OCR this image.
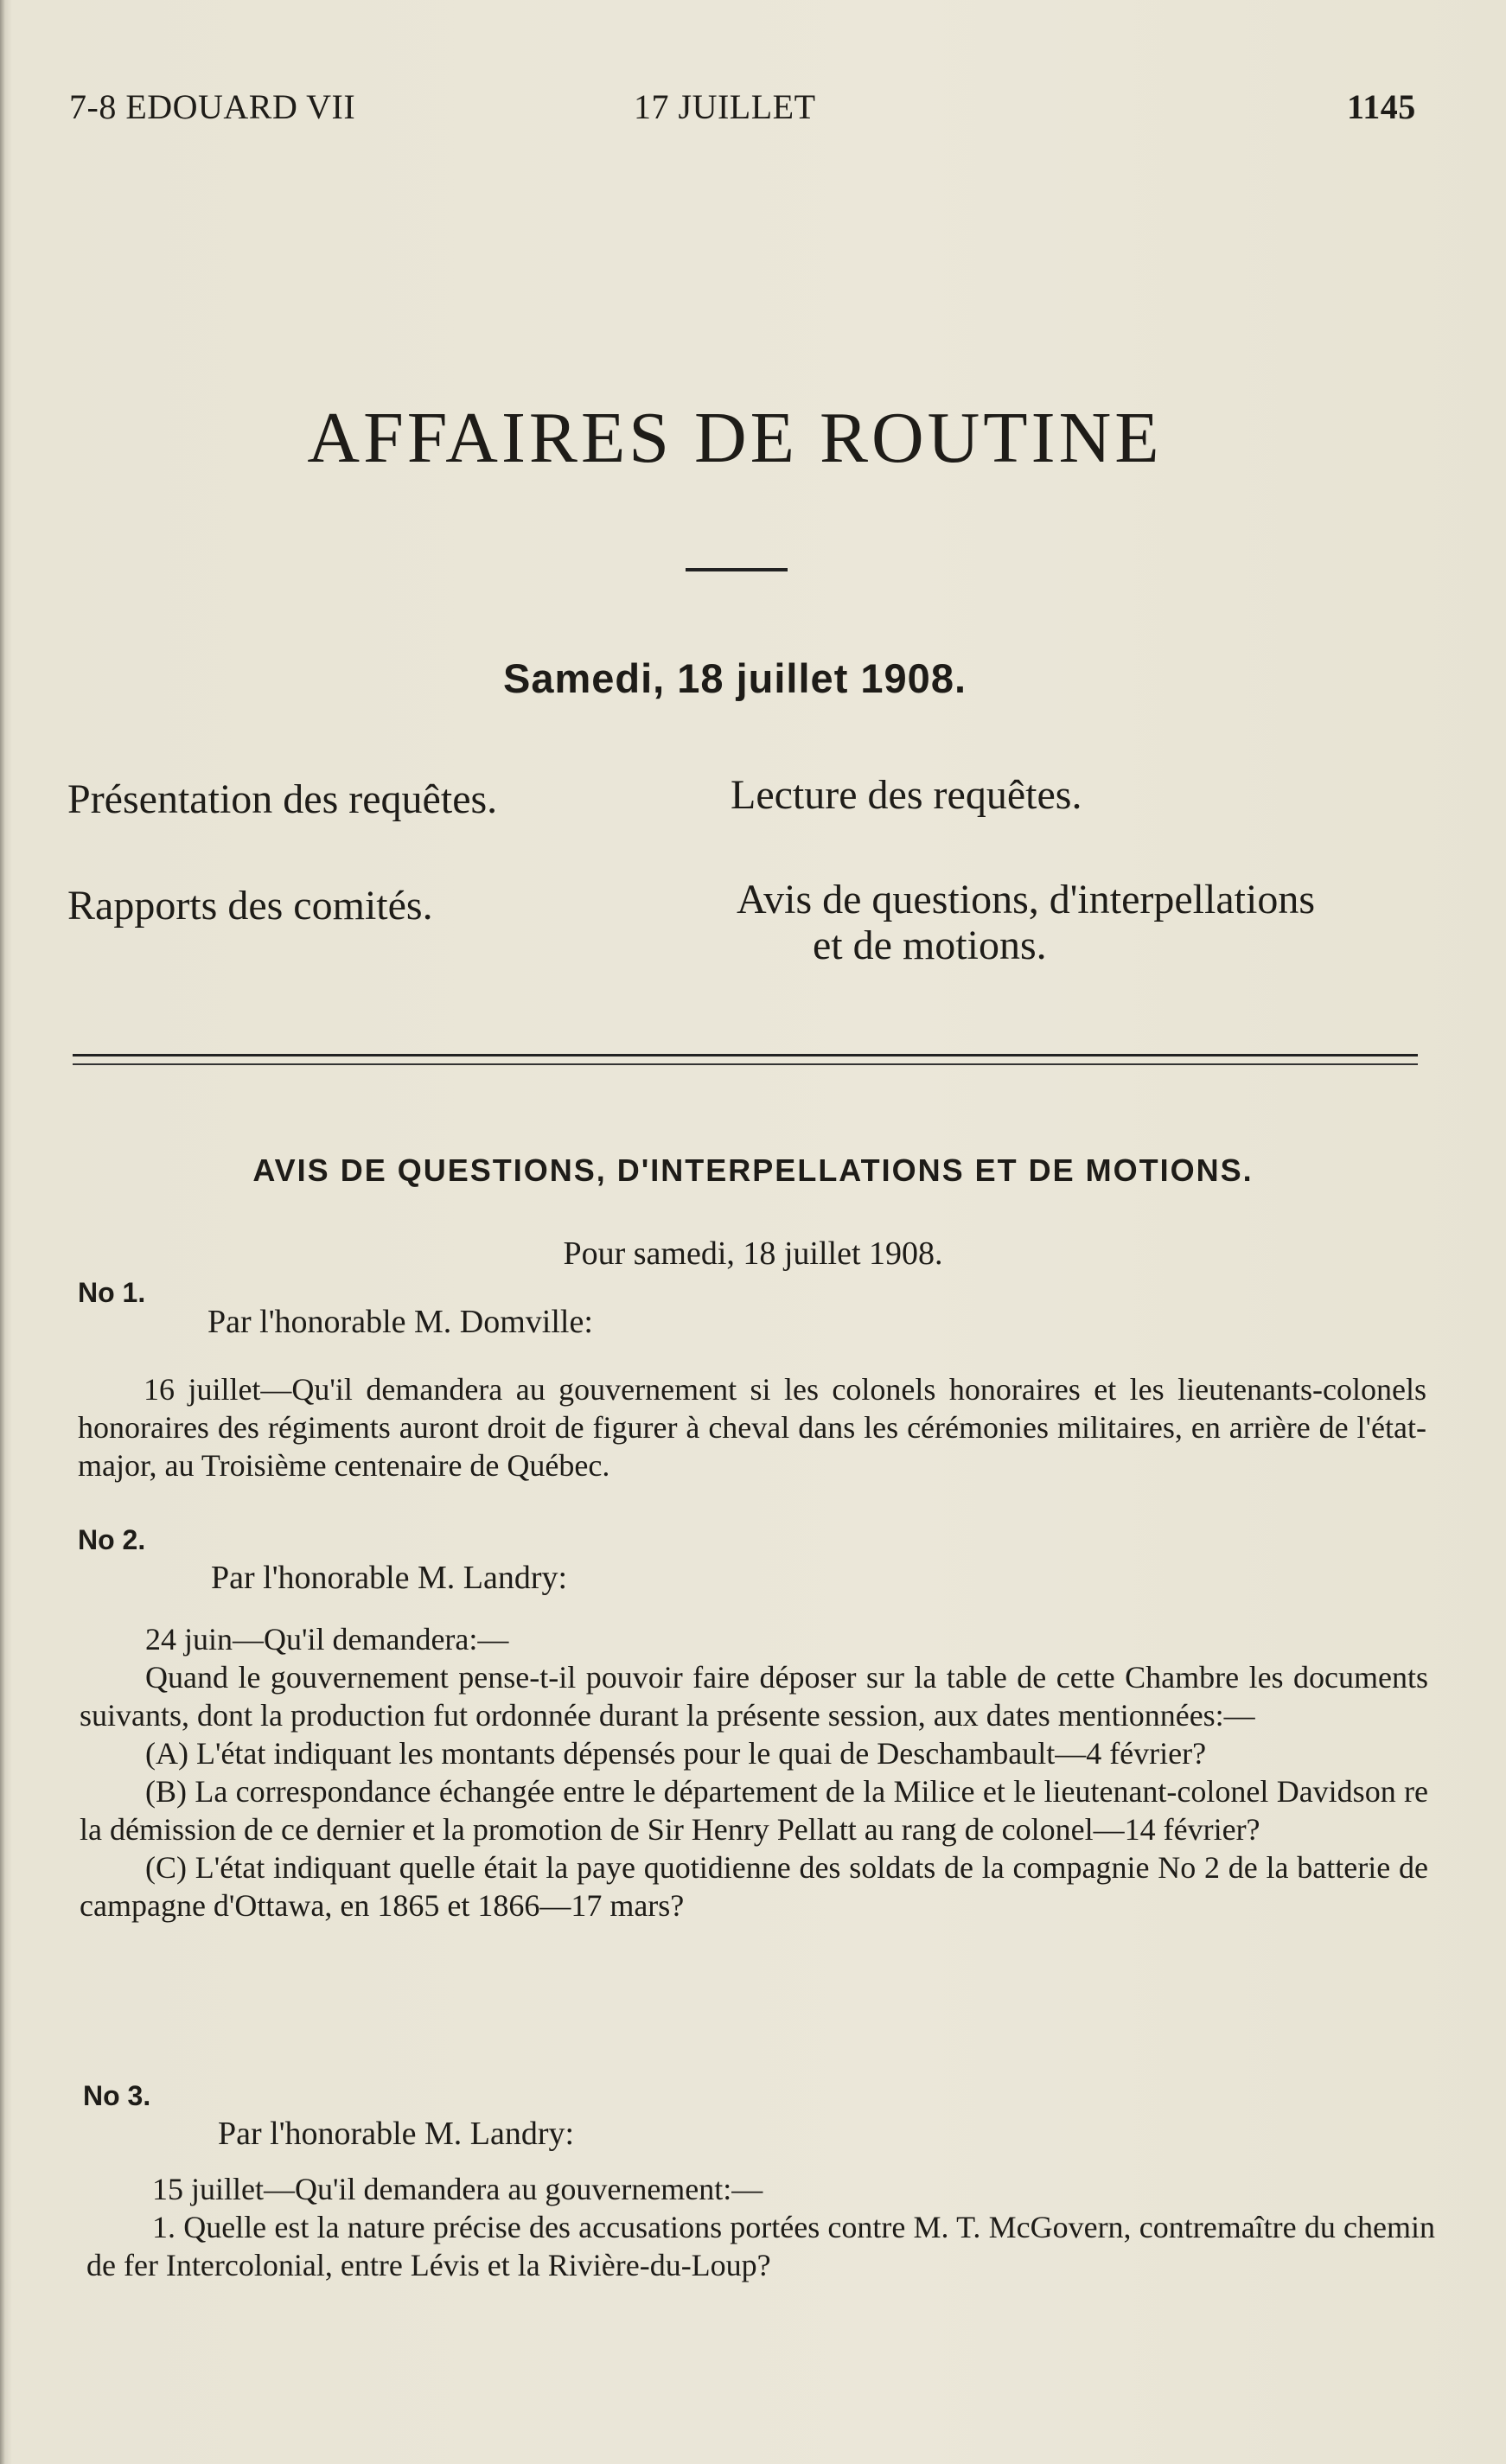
7-8 EDOUARD VII	17 JUILLET	1145
AFFAIRES DE ROUTINE
Samedi, 18 juillet 1908.
Présentation des requêtes.	Lecture des requêtes.
Rapports des comités.	Avis de questions, d'interpellations
et de motions.
AVIS DE QUESTIONS, D'INTERPELLATIONS ET DE MOTIONS.
Pour samedi, 18 juillet 1908.
No 1.
Par l'honorable M. Domville:

16 juillet—Qu'il demandera au gouvernement si les colonels honoraires et les lieutenants-colonels honoraires des régiments auront droit de figurer à cheval dans les cérémonies militaires, en arrière de l'état-major, au Troisième centenaire de Québec.

No 2.
Par l'honorable M. Landry:

24 juin—Qu'il demandera:—

Quand le gouvernement pense-t-il pouvoir faire déposer sur la table de cette Chambre les documents suivants, dont la production fut ordonnée durant la présente session, aux dates mentionnées:—

(A) L'état indiquant les montants dépensés pour le quai de Deschambault—4 février?

(B) La correspondance échangée entre le département de la Milice et le lieutenant-colonel Davidson re la démission de ce dernier et la promotion de Sir Henry Pellatt au rang de colonel—14 février?

(C) L'état indiquant quelle était la paye quotidienne des soldats de la compagnie No 2 de la batterie de campagne d'Ottawa, en 1865 et 1866—17 mars?

No 3.
Par l'honorable M. Landry:

15 juillet—Qu'il demandera au gouvernement:—

1. Quelle est la nature précise des accusations portées contre M. T. McGovern, contremaître du chemin de fer Intercolonial, entre Lévis et la Rivière-du-Loup?
